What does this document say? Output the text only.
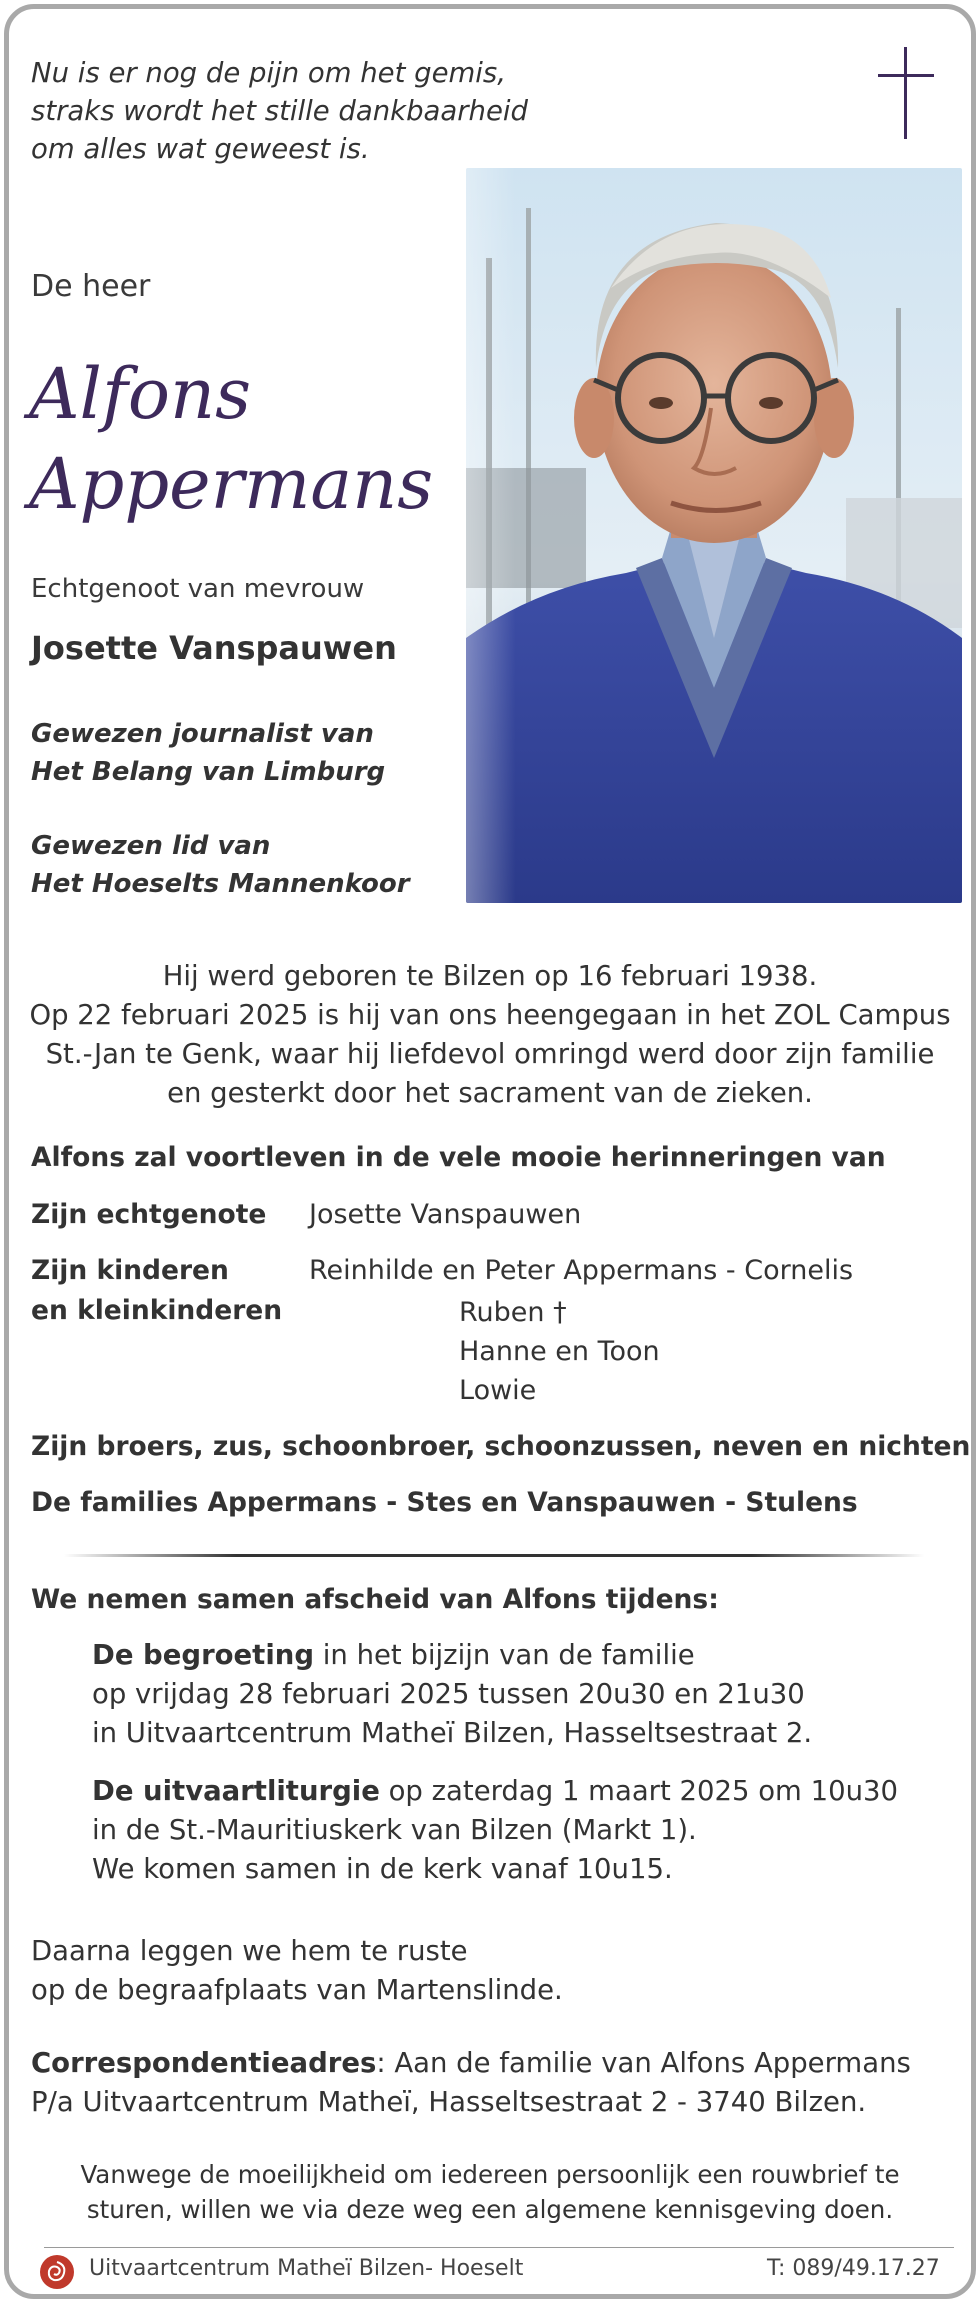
Nu is er nog de pijn om het gemis,
straks wordt het stille dankbaarheid
om alles wat geweest is.
De heer
Alfons
Appermans
Echtgenoot van mevrouw
Josette Vanspauwen
Gewezen journalist van
Het Belang van Limburg
Gewezen lid van
Het Hoeselts Mannenkoor
Hij werd geboren te Bilzen op 16 februari 1938.
Op 22 februari 2025 is hij van ons heengegaan in het ZOL Campus
St.-Jan te Genk, waar hij liefdevol omringd werd door zijn familie
en gesterkt door het sacrament van de zieken.
Alfons zal voortleven in de vele mooie herinneringen van
Zijn echtgenote Josette Vanspauwen
Zijn kinderen
en kleinkinderen
Reinhilde en Peter Appermans - Cornelis
Ruben †
Hanne en Toon
Lowie
Zijn broers, zus, schoonbroer, schoonzussen, neven en nichten
De families Appermans - Stes en Vanspauwen - Stulens
We nemen samen afscheid van Alfons tijdens:
De begroeting in het bijzijn van de familie
op vrijdag 28 februari 2025 tussen 20u30 en 21u30
in Uitvaartcentrum Matheï Bilzen, Hasseltsestraat 2.
De uitvaartliturgie op zaterdag 1 maart 2025 om 10u30
in de St.-Mauritiuskerk van Bilzen (Markt 1).
We komen samen in de kerk vanaf 10u15.
Daarna leggen we hem te ruste
op de begraafplaats van Martenslinde.
Correspondentieadres: Aan de familie van Alfons Appermans
P/a Uitvaartcentrum Matheï, Hasseltsestraat 2 - 3740 Bilzen.
Vanwege de moeilijkheid om iedereen persoonlijk een rouwbrief te
sturen, willen we via deze weg een algemene kennisgeving doen.
Uitvaartcentrum Matheï Bilzen- Hoeselt	T: 089/49.17.27
